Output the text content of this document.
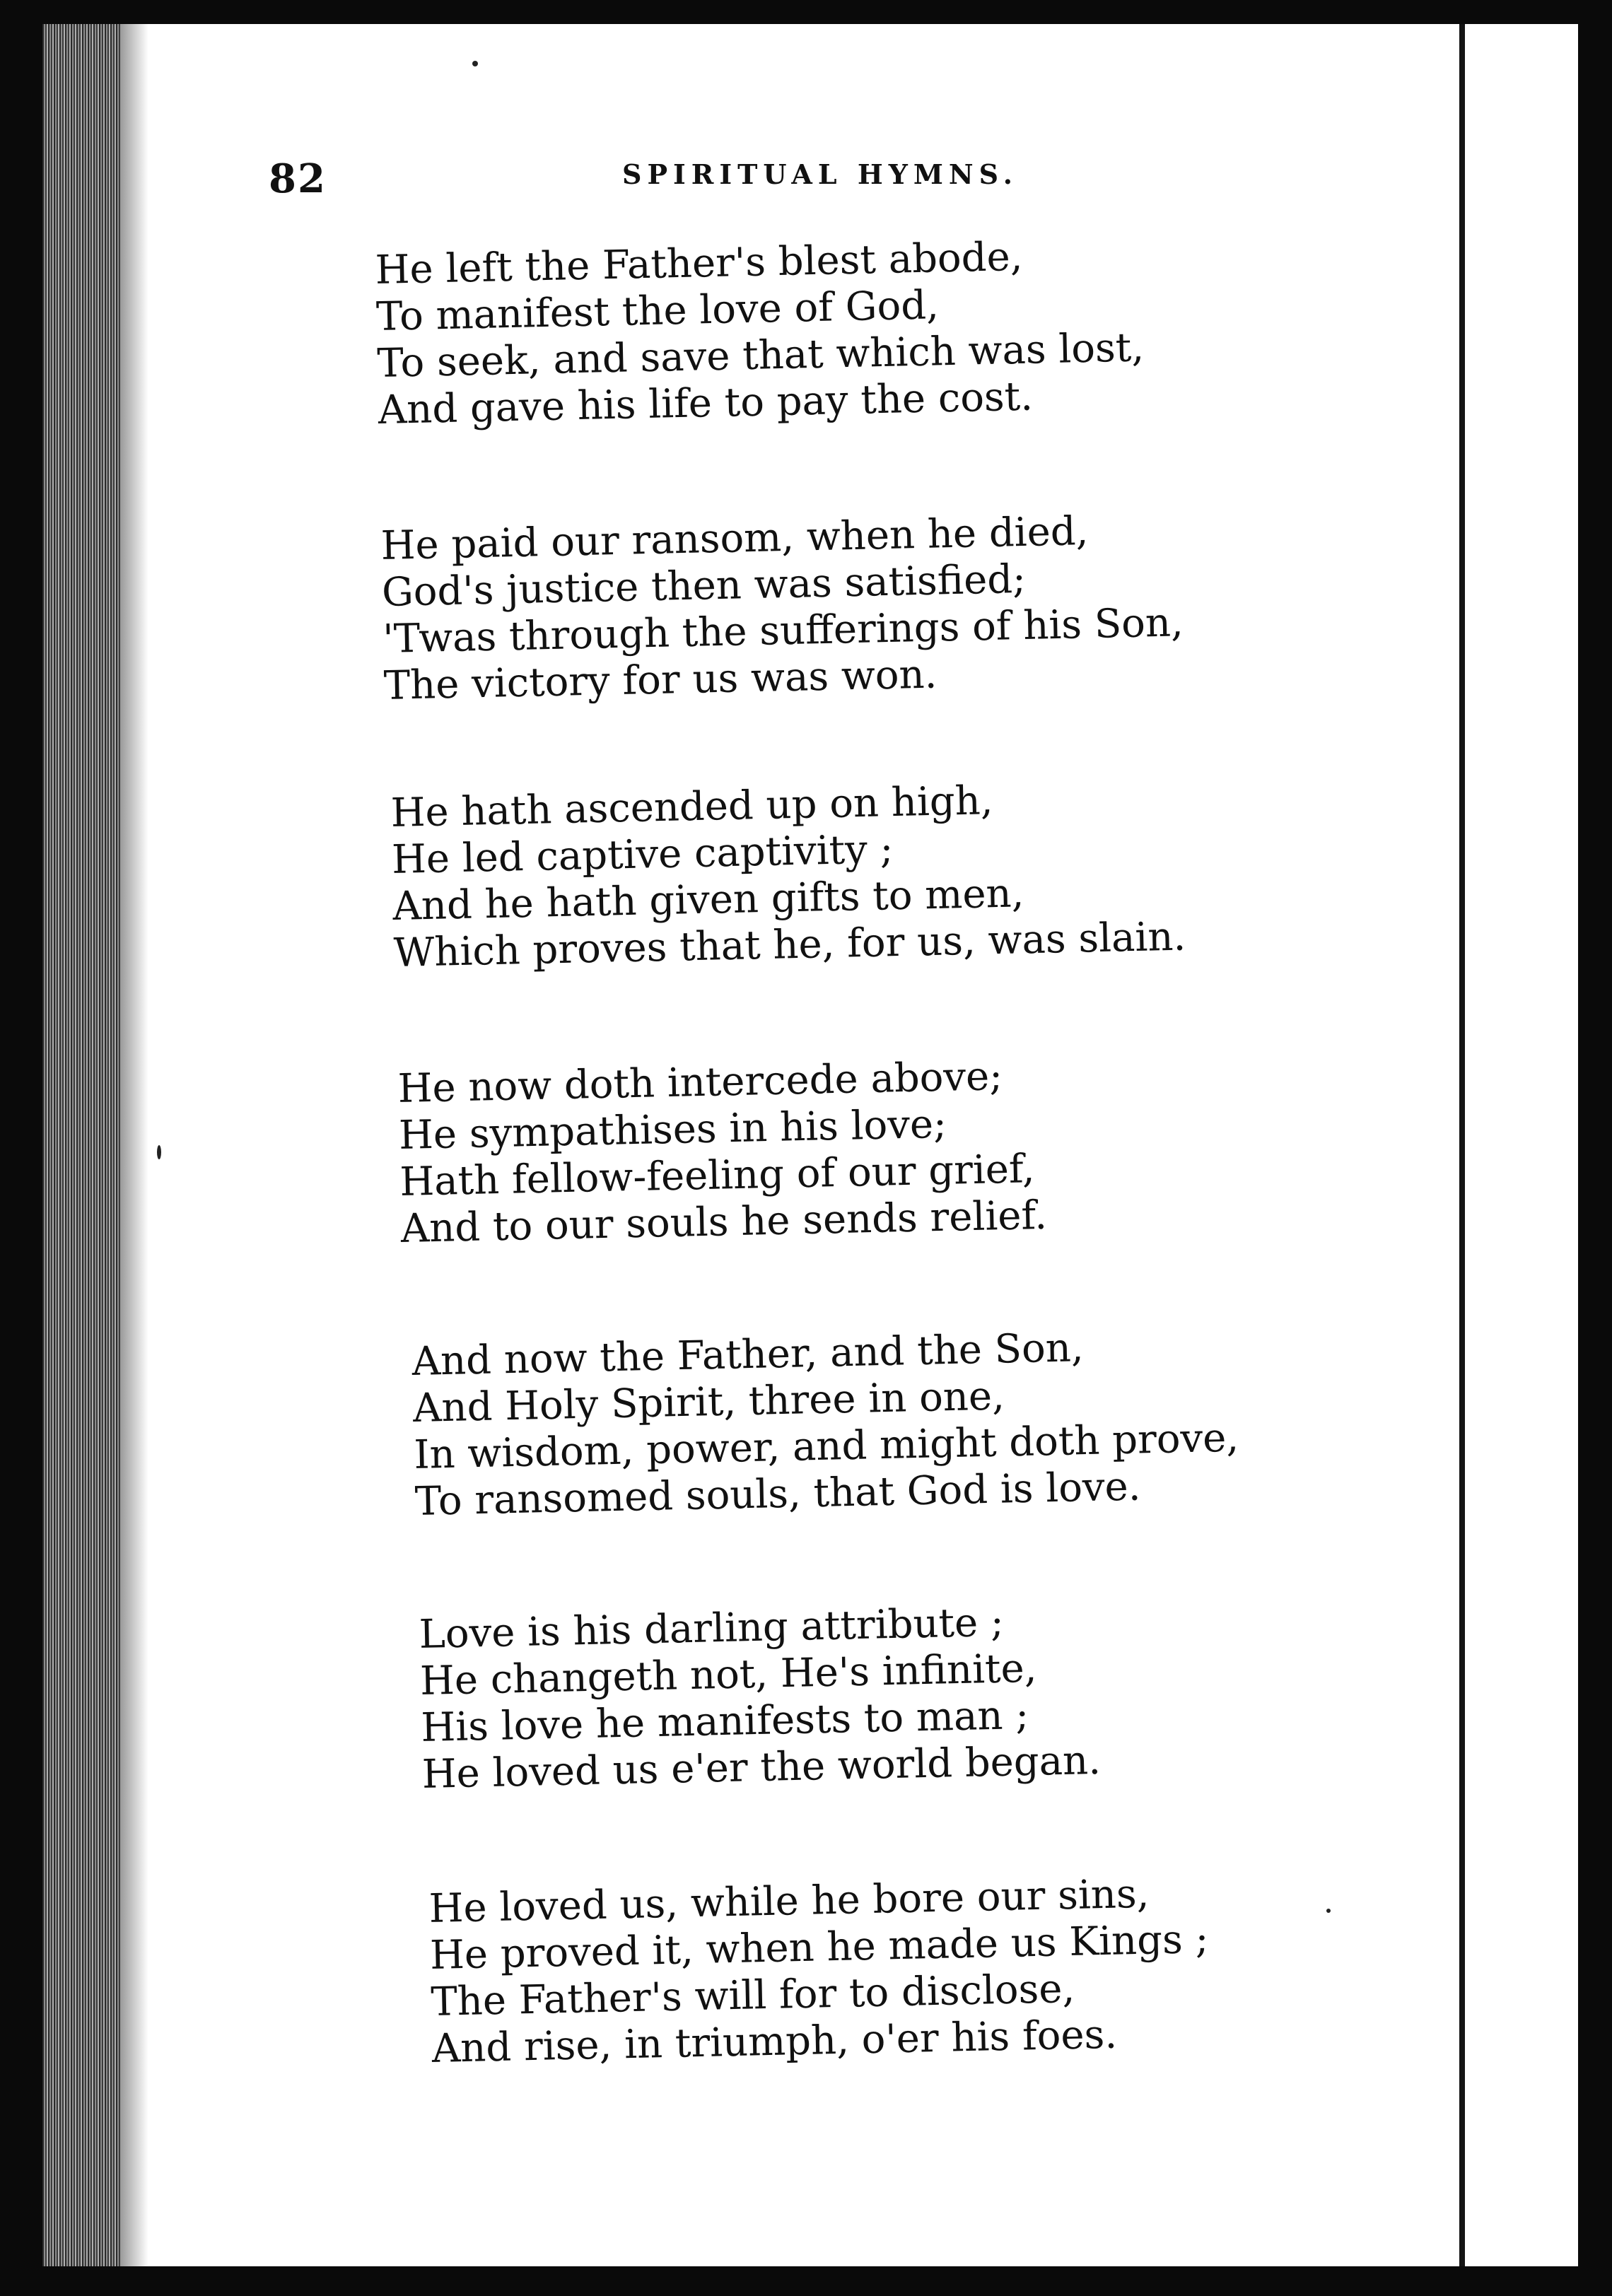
82	SPIRITUAL HYMNS.
He left the Father's blest abode,
To manifest the love of God,
To seek, and save that which was lost,
And gave his life to pay the cost.
He paid our ransom, when he died,
God's justice then was satisfied;
'Twas through the sufferings of his Son,
The victory for us was won.
He hath ascended up on high,
He led captive captivity ;
And he hath given gifts to men,
Which proves that he, for us, was slain.
He now doth intercede above;
He sympathises in his love;
Hath fellow-feeling of our grief,
And to our souls he sends relief.
And now the Father, and the Son,
And Holy Spirit, three in one,
In wisdom, power, and might doth prove,
To ransomed souls, that God is love.
Love is his darling attribute ;
He changeth not, He's infinite,
His love he manifests to man ;
He loved us e'er the world began.
He loved us, while he bore our sins,
He proved it, when he made us Kings ;
The Father's will for to disclose,
And rise, in triumph, o'er his foes.
